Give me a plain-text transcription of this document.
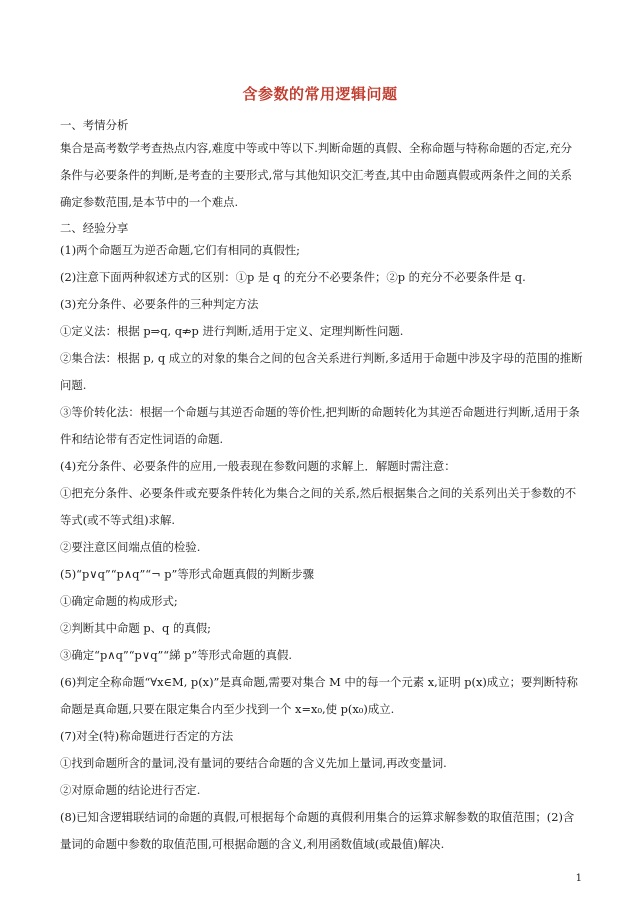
含参数的常用逻辑问题
一、考情分析
集合是高考数学考查热点内容,难度中等或中等以下.判断命题的真假、全称命题与特称命题的否定,充分
条件与必要条件的判断,是考查的主要形式,常与其他知识交汇考查,其中由命题真假或两条件之间的关系
确定参数范围,是本节中的一个难点.
二、经验分享
(1)两个命题互为逆否命题,它们有相同的真假性;
(2)注意下面两种叙述方式的区别：①p 是 q 的充分不必要条件；②p 的充分不必要条件是 q.
(3)充分条件、必要条件的三种判定方法
①定义法：根据 p⇒q, q⇏p 进行判断,适用于定义、定理判断性问题.
②集合法：根据 p, q 成立的对象的集合之间的包含关系进行判断,多适用于命题中涉及字母的范围的推断
问题.
③等价转化法：根据一个命题与其逆否命题的等价性,把判断的命题转化为其逆否命题进行判断,适用于条
件和结论带有否定性词语的命题.
(4)充分条件、必要条件的应用,一般表现在参数问题的求解上．解题时需注意：
①把充分条件、必要条件或充要条件转化为集合之间的关系,然后根据集合之间的关系列出关于参数的不
等式(或不等式组)求解.
②要注意区间端点值的检验.
(5)“p∨q”“p∧q”“¬ p”等形式命题真假的判断步骤
①确定命题的构成形式;
②判断其中命题 p、q 的真假;
③确定“p∧q”“p∨q”“綈 p”等形式命题的真假.
(6)判定全称命题“∀x∈M, p(x)”是真命题,需要对集合 M 中的每一个元素 x,证明 p(x)成立；要判断特称
命题是真命题,只要在限定集合内至少找到一个 x=x₀,使 p(x₀)成立.
(7)对全(特)称命题进行否定的方法
①找到命题所含的量词,没有量词的要结合命题的含义先加上量词,再改变量词.
②对原命题的结论进行否定.
(8)已知含逻辑联结词的命题的真假,可根据每个命题的真假利用集合的运算求解参数的取值范围；(2)含
量词的命题中参数的取值范围,可根据命题的含义,利用函数值域(或最值)解决.
1
